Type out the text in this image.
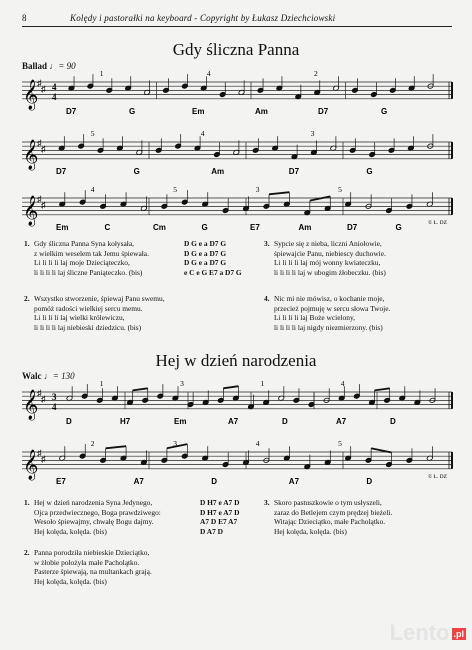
8	Kolędy i pastorałki na keyboard - Copyright by Łukasz Dziechciowski
Gdy śliczna Panna
Ballad ♩= 90
𝄞
♯
♯ 4
4
1	4	2
D7	G	Em	Am	D7	G
𝄞
♯
♯
5	4	3
D7	G	Am	D7	G
𝄞
♯
♯
4	5	3	5
Em	C	Cm	G	E7	Am	D7	G	© Ł. DZ
1. Gdy śliczna Panna Syna kołysała,
z wielkim weselem tak Jemu śpiewała.
Li li li li laj moje Dzieciąteczko,
li li li li laj śliczne Paniąteczko. (bis)
D G e a D7 G
D G e a D7 G
D G e a D7 G
e C e G E7 a D7 G
3. Sypcie się z nieba, liczni Aniołowie,
śpiewajcie Panu, niebiescy duchowie.
Li li li li laj mój wonny kwiateczku,
li li li li laj w ubogim żłobeczku. (bis)
2. Wszystko stworzenie, śpiewaj Panu swemu,
pomóż radości wielkiej sercu memu.
Li li li li laj wielki królewiczu,
li li li li laj niebieski dziedzicu. (bis)
4. Nic mi nie mówisz, o kochanie moje,
przecież pojmuję w sercu słowa Twoje.
Li li li li laj Boże wcielony,
li li li li laj nigdy niezmierzony. (bis)
Hej w dzień narodzenia
Walc ♩= 130
𝄞
♯
♯ 3
4
1	3	1	4
D	H7	Em	A7	D	A7	D
𝄞
♯
♯
2	3	4	5
E7	A7	D	A7	D	© Ł. DZ
1. Hej w dzień narodzenia Syna Jedynego,
Ojca przedwiecznego, Boga prawdziwego:
Wesoło śpiewajmy, chwałę Bogu dajmy.
Hej kolęda, kolęda. (bis)
D H7 e A7 D
D H7 e A7 D
A7 D E7 A7
D A7 D
3. Skoro pastuszkowie o tym usłyszeli,
zaraz do Betlejem czym prędzej bieżeli.
Witając Dzieciątko, małe Pacholątko.
Hej kolęda, kolęda. (bis)
2. Panna porodziła niebieskie Dzieciątko,
w żłobie położyła małe Pacholątko.
Pasterze śpiewają, na multankach grają.
Hej kolęda, kolęda. (bis)
Lento .pl
